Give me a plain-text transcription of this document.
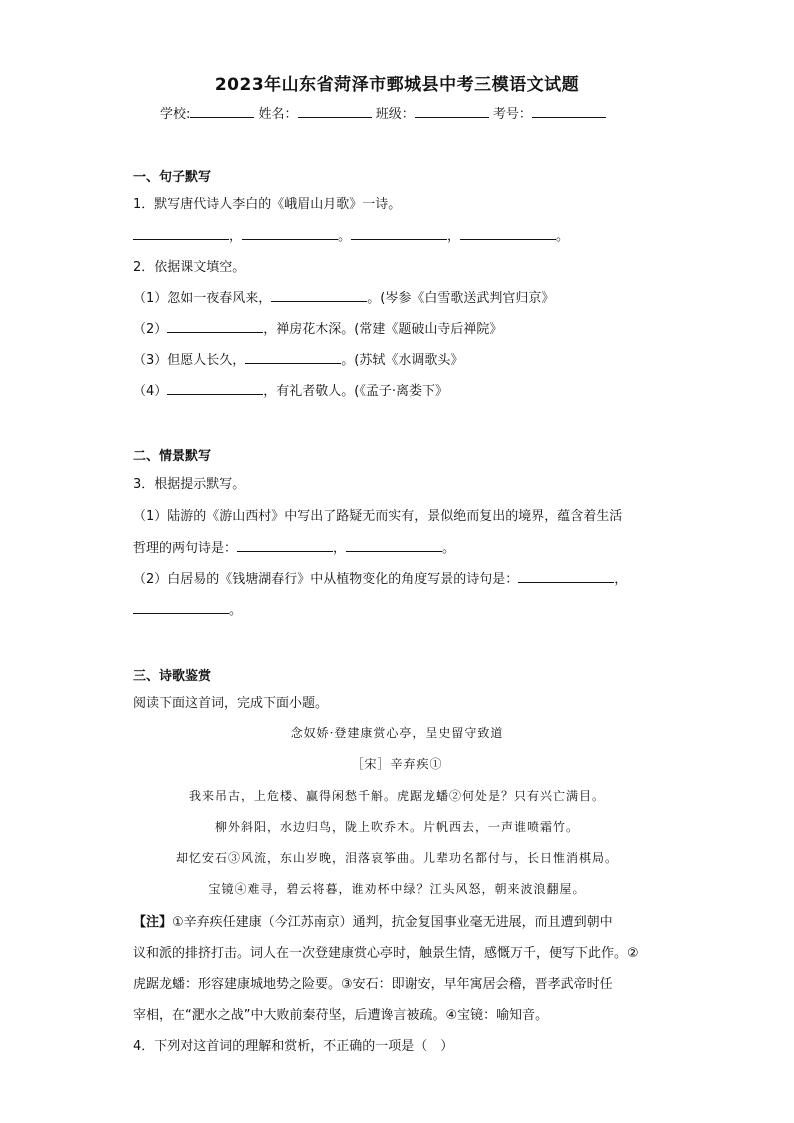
2023年山东省菏泽市鄄城县中考三模语文试题
学校:	姓名：	班级：	考号：
一、句子默写
1．默写唐代诗人李白的《峨眉山月歌》一诗。
，	。	，	。
2．依据课文填空。
（1）忽如一夜春风来，	。(岑参《白雪歌送武判官归京》
（2）	，禅房花木深。(常建《题破山寺后禅院》
（3）但愿人长久，	。(苏轼《水调歌头》
（4）	，有礼者敬人。(《孟子·离娄下》
二、情景默写
3．根据提示默写。
（1）陆游的《游山西村》中写出了路疑无而实有，景似绝而复出的境界，蕴含着生活
哲理的两句诗是：	，	。
（2）白居易的《钱塘湖春行》中从植物变化的角度写景的诗句是：	，
。
三、诗歌鉴赏
阅读下面这首词，完成下面小题。
念奴娇·登建康赏心亭，呈史留守致道
［宋］辛弃疾①
我来吊古，上危楼、赢得闲愁千斛。虎踞龙蟠②何处是？只有兴亡满目。
柳外斜阳，水边归鸟，陇上吹乔木。片帆西去，一声谁喷霜竹。
却忆安石③风流，东山岁晚，泪落哀筝曲。儿辈功名都付与，长日惟消棋局。
宝镜④难寻，碧云将暮，谁劝杯中绿？江头风怒，朝来波浪翻屋。
【注】①辛弃疾任建康（今江苏南京）通判，抗金复国事业毫无进展，而且遭到朝中
议和派的排挤打击。词人在一次登建康赏心亭时，触景生情，感慨万千，便写下此作。②
虎踞龙蟠：形容建康城地势之险要。③安石：即谢安，早年寓居会稽，晋孝武帝时任
宰相，在“淝水之战”中大败前秦苻坚，后遭谗言被疏。④宝镜：喻知音。
4．下列对这首词的理解和赏析，不正确的一项是（　）
